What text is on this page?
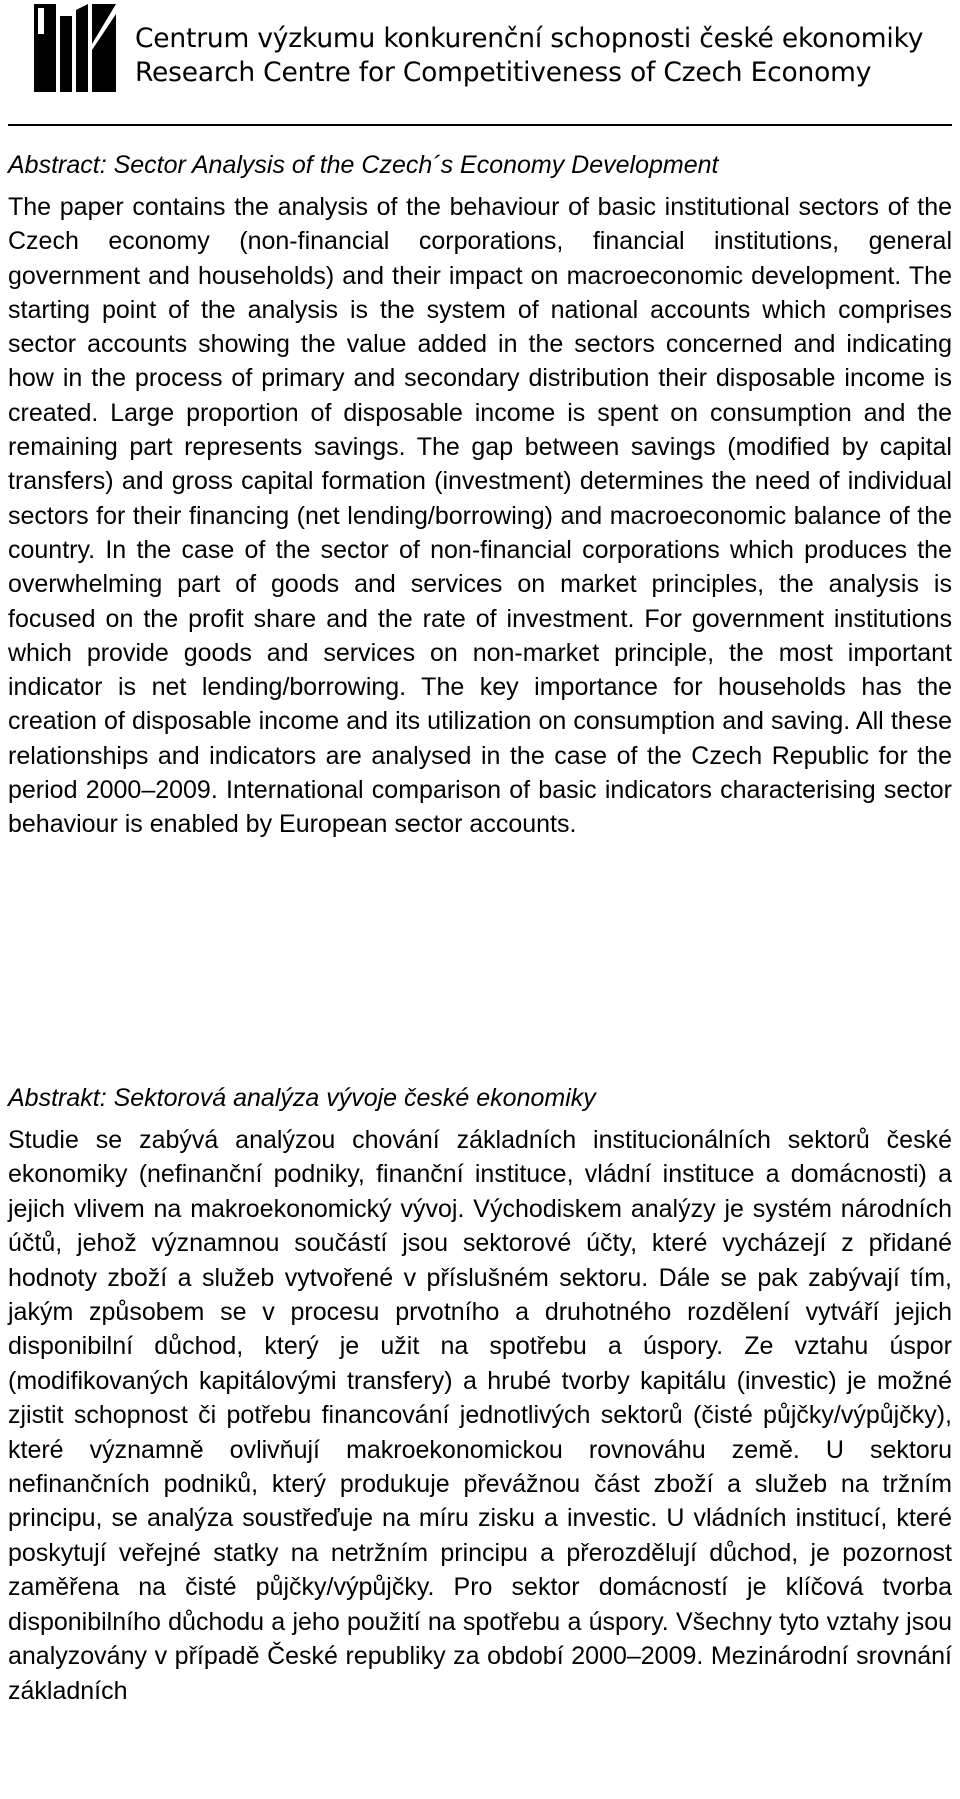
Centrum výzkumu konkurenční schopnosti české ekonomiky
Research Centre for Competitiveness of Czech Economy
Abstract: Sector Analysis of the Czech´s Economy Development

The paper contains the analysis of the behaviour of basic institutional sectors of the Czech economy (non-financial corporations, financial institutions, general government and households) and their impact on macroeconomic development. The starting point of the analysis is the system of national accounts which comprises sector accounts showing the value added in the sectors concerned and indicating how in the process of primary and secondary distribution their disposable income is created. Large proportion of disposable income is spent on consumption and the remaining part represents savings. The gap between savings (modified by capital transfers) and gross capital formation (investment) determines the need of individual sectors for their financing (net lending/borrowing) and macroeconomic balance of the country. In the case of the sector of non-financial corporations which produces the overwhelming part of goods and services on market principles, the analysis is focused on the profit share and the rate of investment. For government institutions which provide goods and services on non-market principle, the most important indicator is net lending/borrowing. The key importance for households has the creation of disposable income and its utilization on consumption and saving. All these relationships and indicators are analysed in the case of the Czech Republic for the period 2000–2009. International comparison of basic indicators characterising sector behaviour is enabled by European sector accounts.

Abstrakt: Sektorová analýza vývoje české ekonomiky

Studie se zabývá analýzou chování základních institucionálních sektorů české ekonomiky (nefinanční podniky, finanční instituce, vládní instituce a domácnosti) a jejich vlivem na makroekonomický vývoj. Východiskem analýzy je systém národních účtů, jehož významnou součástí jsou sektorové účty, které vycházejí z přidané hodnoty zboží a služeb vytvořené v příslušném sektoru. Dále se pak zabývají tím, jakým způsobem se v procesu prvotního a druhotného rozdělení vytváří jejich disponibilní důchod, který je užit na spotřebu a úspory. Ze vztahu úspor (modifikovaných kapitálovými transfery) a hrubé tvorby kapitálu (investic) je možné zjistit schopnost či potřebu financování jednotlivých sektorů (čisté půjčky/výpůjčky), které významně ovlivňují makroekonomickou rovnováhu země. U sektoru nefinančních podniků, který produkuje převážnou část zboží a služeb na tržním principu, se analýza soustřeďuje na míru zisku a investic. U vládních institucí, které poskytují veřejné statky na netržním principu a přerozdělují důchod, je pozornost zaměřena na čisté půjčky/výpůjčky. Pro sektor domácností je klíčová tvorba disponibilního důchodu a jeho použití na spotřebu a úspory. Všechny tyto vztahy jsou analyzovány v případě České republiky za období 2000–2009. Mezinárodní srovnání základních
